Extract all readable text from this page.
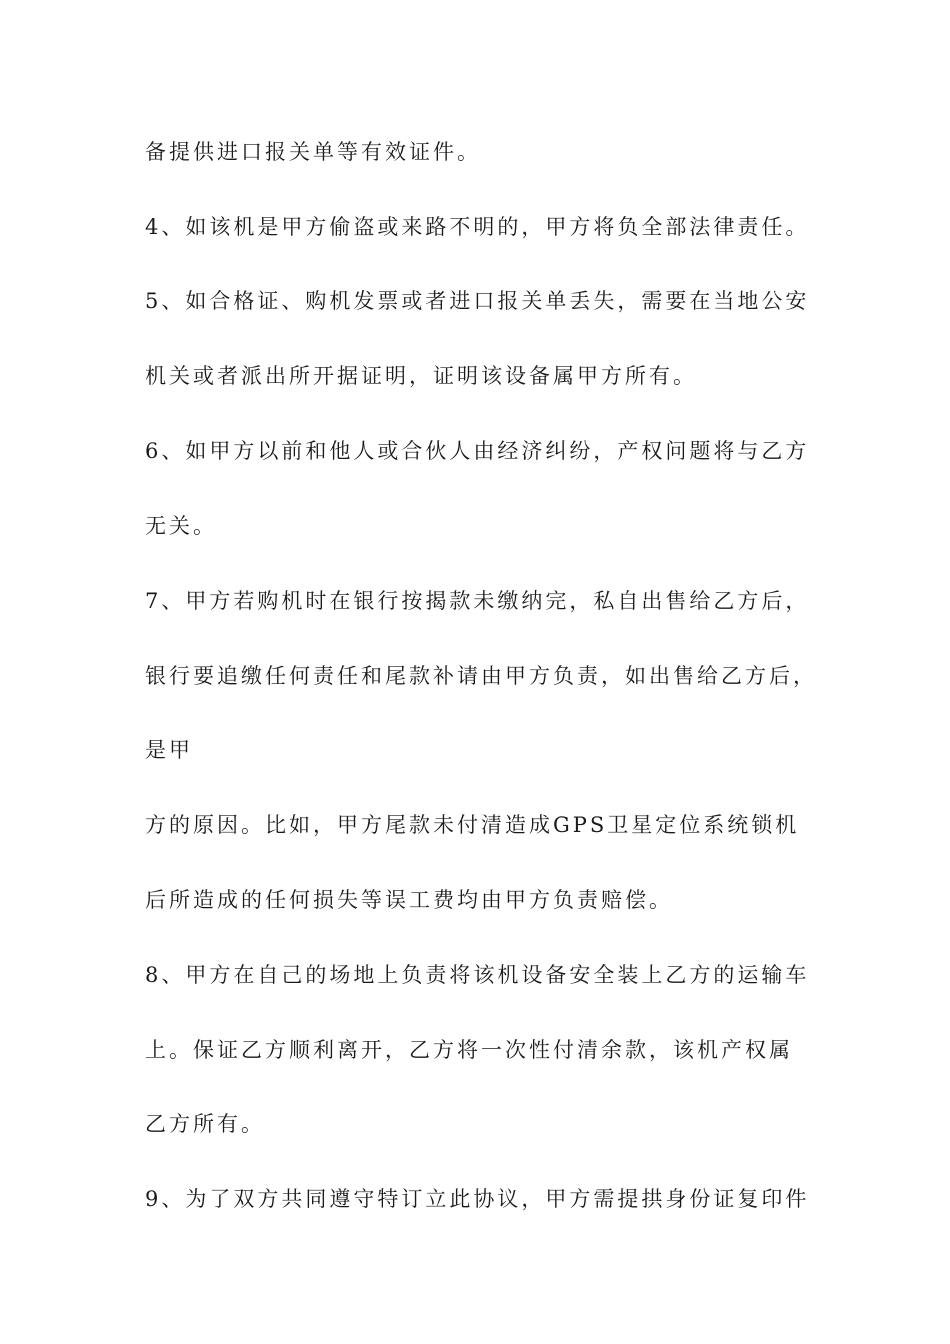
备提供进口报关单等有效证件。
4、如该机是甲方偷盗或来路不明的，甲方将负全部法律责任。
5、如合格证、购机发票或者进口报关单丢失，需要在当地公安
机关或者派出所开据证明，证明该设备属甲方所有。
6、如甲方以前和他人或合伙人由经济纠纷，产权问题将与乙方
无关。
7、甲方若购机时在银行按揭款未缴纳完，私自出售给乙方后，
银行要追缴任何责任和尾款补请由甲方负责，如出售给乙方后，
是甲
方的原因。比如，甲方尾款未付清造成GPS卫星定位系统锁机
后所造成的任何损失等误工费均由甲方负责赔偿。
8、甲方在自己的场地上负责将该机设备安全装上乙方的运输车
上。保证乙方顺利离开，乙方将一次性付清余款，该机产权属
乙方所有。
9、为了双方共同遵守特订立此协议，甲方需提拱身份证复印件
